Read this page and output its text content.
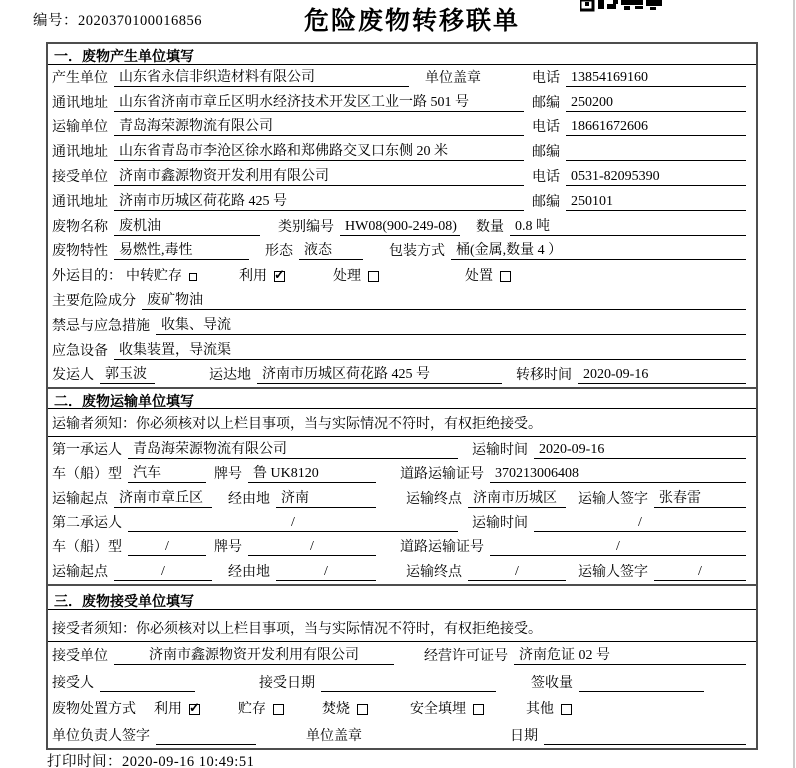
编号：2020370100016856	危险废物转移联单
一．废物产生单位填写
产生单位 山东省永信非织造材料有限公司	单位盖章	电话 13854169160
通讯地址 山东省济南市章丘区明水经济技术开发区工业一路 501 号	邮编 250200
运输单位 青岛海荣源物流有限公司	电话 18661672606
通讯地址 山东省青岛市李沧区徐水路和郑佛路交叉口东侧 20 米	邮编
接受单位 济南市鑫源物资开发利用有限公司	电话 0531-82095390
通讯地址 济南市历城区荷花路 425 号	邮编 250101
废物名称 废机油	类别编号 HW08(900-249-08) 数量 0.8 吨
废物特性 易燃性,毒性	形态 液态	包装方式 桶(金属,数量 4 ）
外运目的： 中转贮存	利用 ✓	处理	处置
主要危险成分 废矿物油
禁忌与应急措施 收集、导流
应急设备 收集装置，导流渠
发运人 郭玉波	运达地 济南市历城区荷花路 425 号	转移时间 2020-09-16
二．废物运输单位填写
运输者须知：你必须核对以上栏目事项，当与实际情况不符时，有权拒绝接受。
第一承运人 青岛海荣源物流有限公司	运输时间 2020-09-16
车（船）型 汽车	牌号 鲁 UK8120	道路运输证号 370213006408
运输起点 济南市章丘区	经由地 济南	运输终点 济南市历城区	运输人签字 张春雷
第二承运人	/	运输时间	/
车（船）型	/	牌号	/	道路运输证号	/
运输起点	/	经由地	/	运输终点	/	运输人签字	/
三．废物接受单位填写
接受者须知：你必须核对以上栏目事项，当与实际情况不符时，有权拒绝接受。
接受单位	济南市鑫源物资开发利用有限公司	经营许可证号 济南危证 02 号
接受人	接受日期	签收量
废物处置方式 利用 ✓	贮存	焚烧	安全填埋	其他
单位负责人签字	单位盖章	日期
打印时间：2020-09-16 10:49:51
